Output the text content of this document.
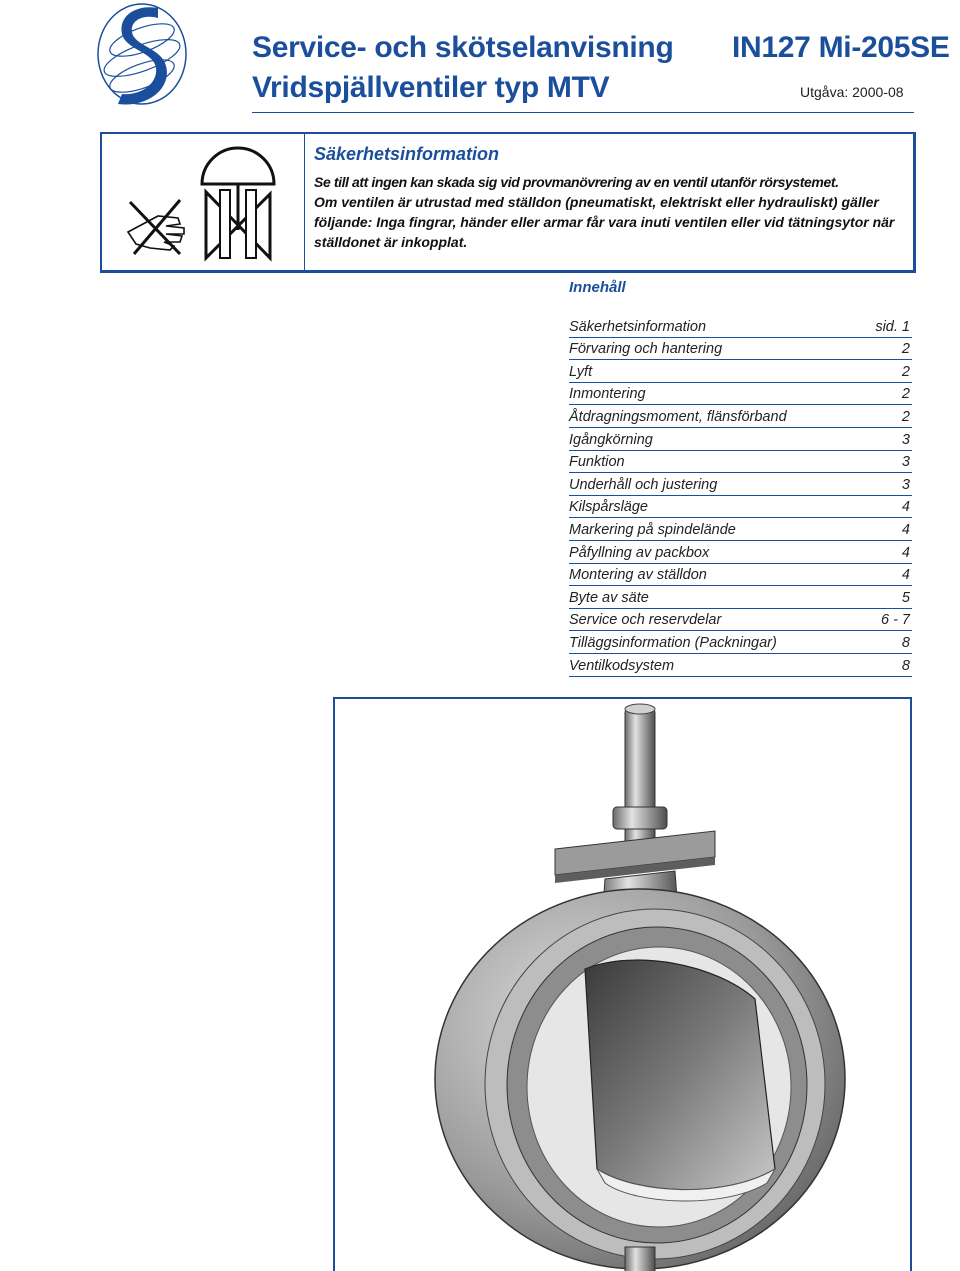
Service- och skötselanvisning IN127 Mi-205SE
Vridspjällventiler typ MTV	Utgåva: 2000-08
Säkerhetsinformation

Se till att ingen kan skada sig vid provmanövrering av en ventil utanför rörsystemet.

Om ventilen är utrustad med ställdon (pneumatiskt, elektriskt eller hydrauliskt) gäller följande: Inga fingrar, händer eller armar får vara inuti ventilen eller vid tätningsytor när ställdonet är inkopplat.

Innehåll
Säkerhetsinformation	sid. 1
Förvaring och hantering	2
Lyft	2
Inmontering	2
Åtdragningsmoment, flänsförband	2
Igångkörning	3
Funktion	3
Underhåll och justering	3
Kilspårsläge	4
Markering på spindelände	4
Påfyllning av packbox	4
Montering av ställdon	4
Byte av säte	5
Service och reservdelar	6 - 7
Tilläggsinformation (Packningar)	8
Ventilkodsystem	8
